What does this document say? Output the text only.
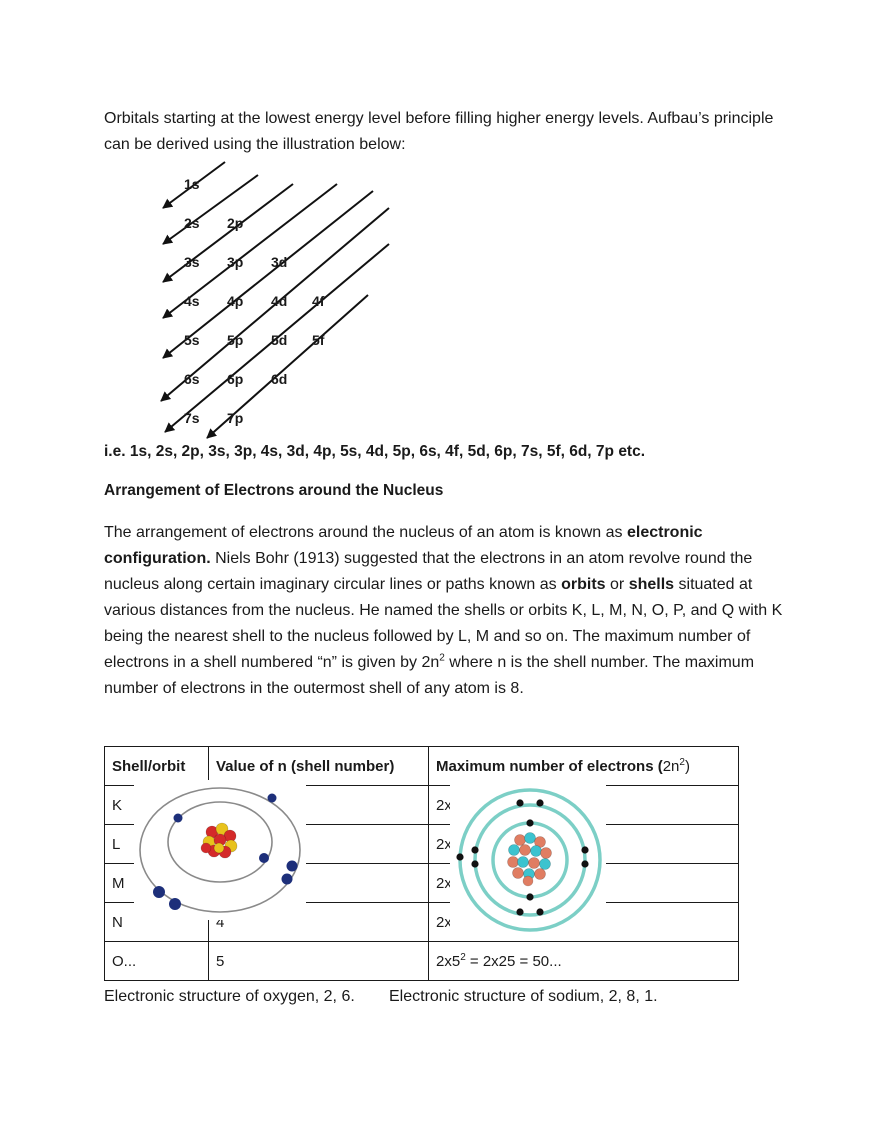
Orbitals starting at the lowest energy level before filling higher energy levels. Aufbau’s principle can be derived using the illustration below:
1s
2s 2p
3s 3p 3d
4s 4p 4d 4f
5s 5p 5d 5f
6s 6p 6d
7s 7p
i.e. 1s, 2s, 2p, 3s, 3p, 4s, 3d, 4p, 5s, 4d, 5p, 6s, 4f, 5d, 6p, 7s, 5f, 6d, 7p etc.
Arrangement of Electrons around the Nucleus
The arrangement of electrons around the nucleus of an atom is known as electronic configuration. Niels Bohr (1913) suggested that the electrons in an atom revolve round the nucleus along certain imaginary circular lines or paths known as orbits or shells situated at various distances from the nucleus. He named the shells or orbits K, L, M, N, O, P, and Q with K being the nearest shell to the nucleus followed by L, M and so on. The maximum number of electrons in a shell numbered “n” is given by $2n^2$ where n is the shell number. The maximum number of electrons in the outermost shell of any atom is 8.
Shell/orbit	Value of n (shell number)	Maximum number of electrons $(2n^2)$
K		2x
L		2x
M		2x
N	4	2x
O...	5	$2x5^2 = 2x25 = 50$...
Electronic structure of oxygen, 2, 6. Electronic structure of sodium, 2, 8, 1.
